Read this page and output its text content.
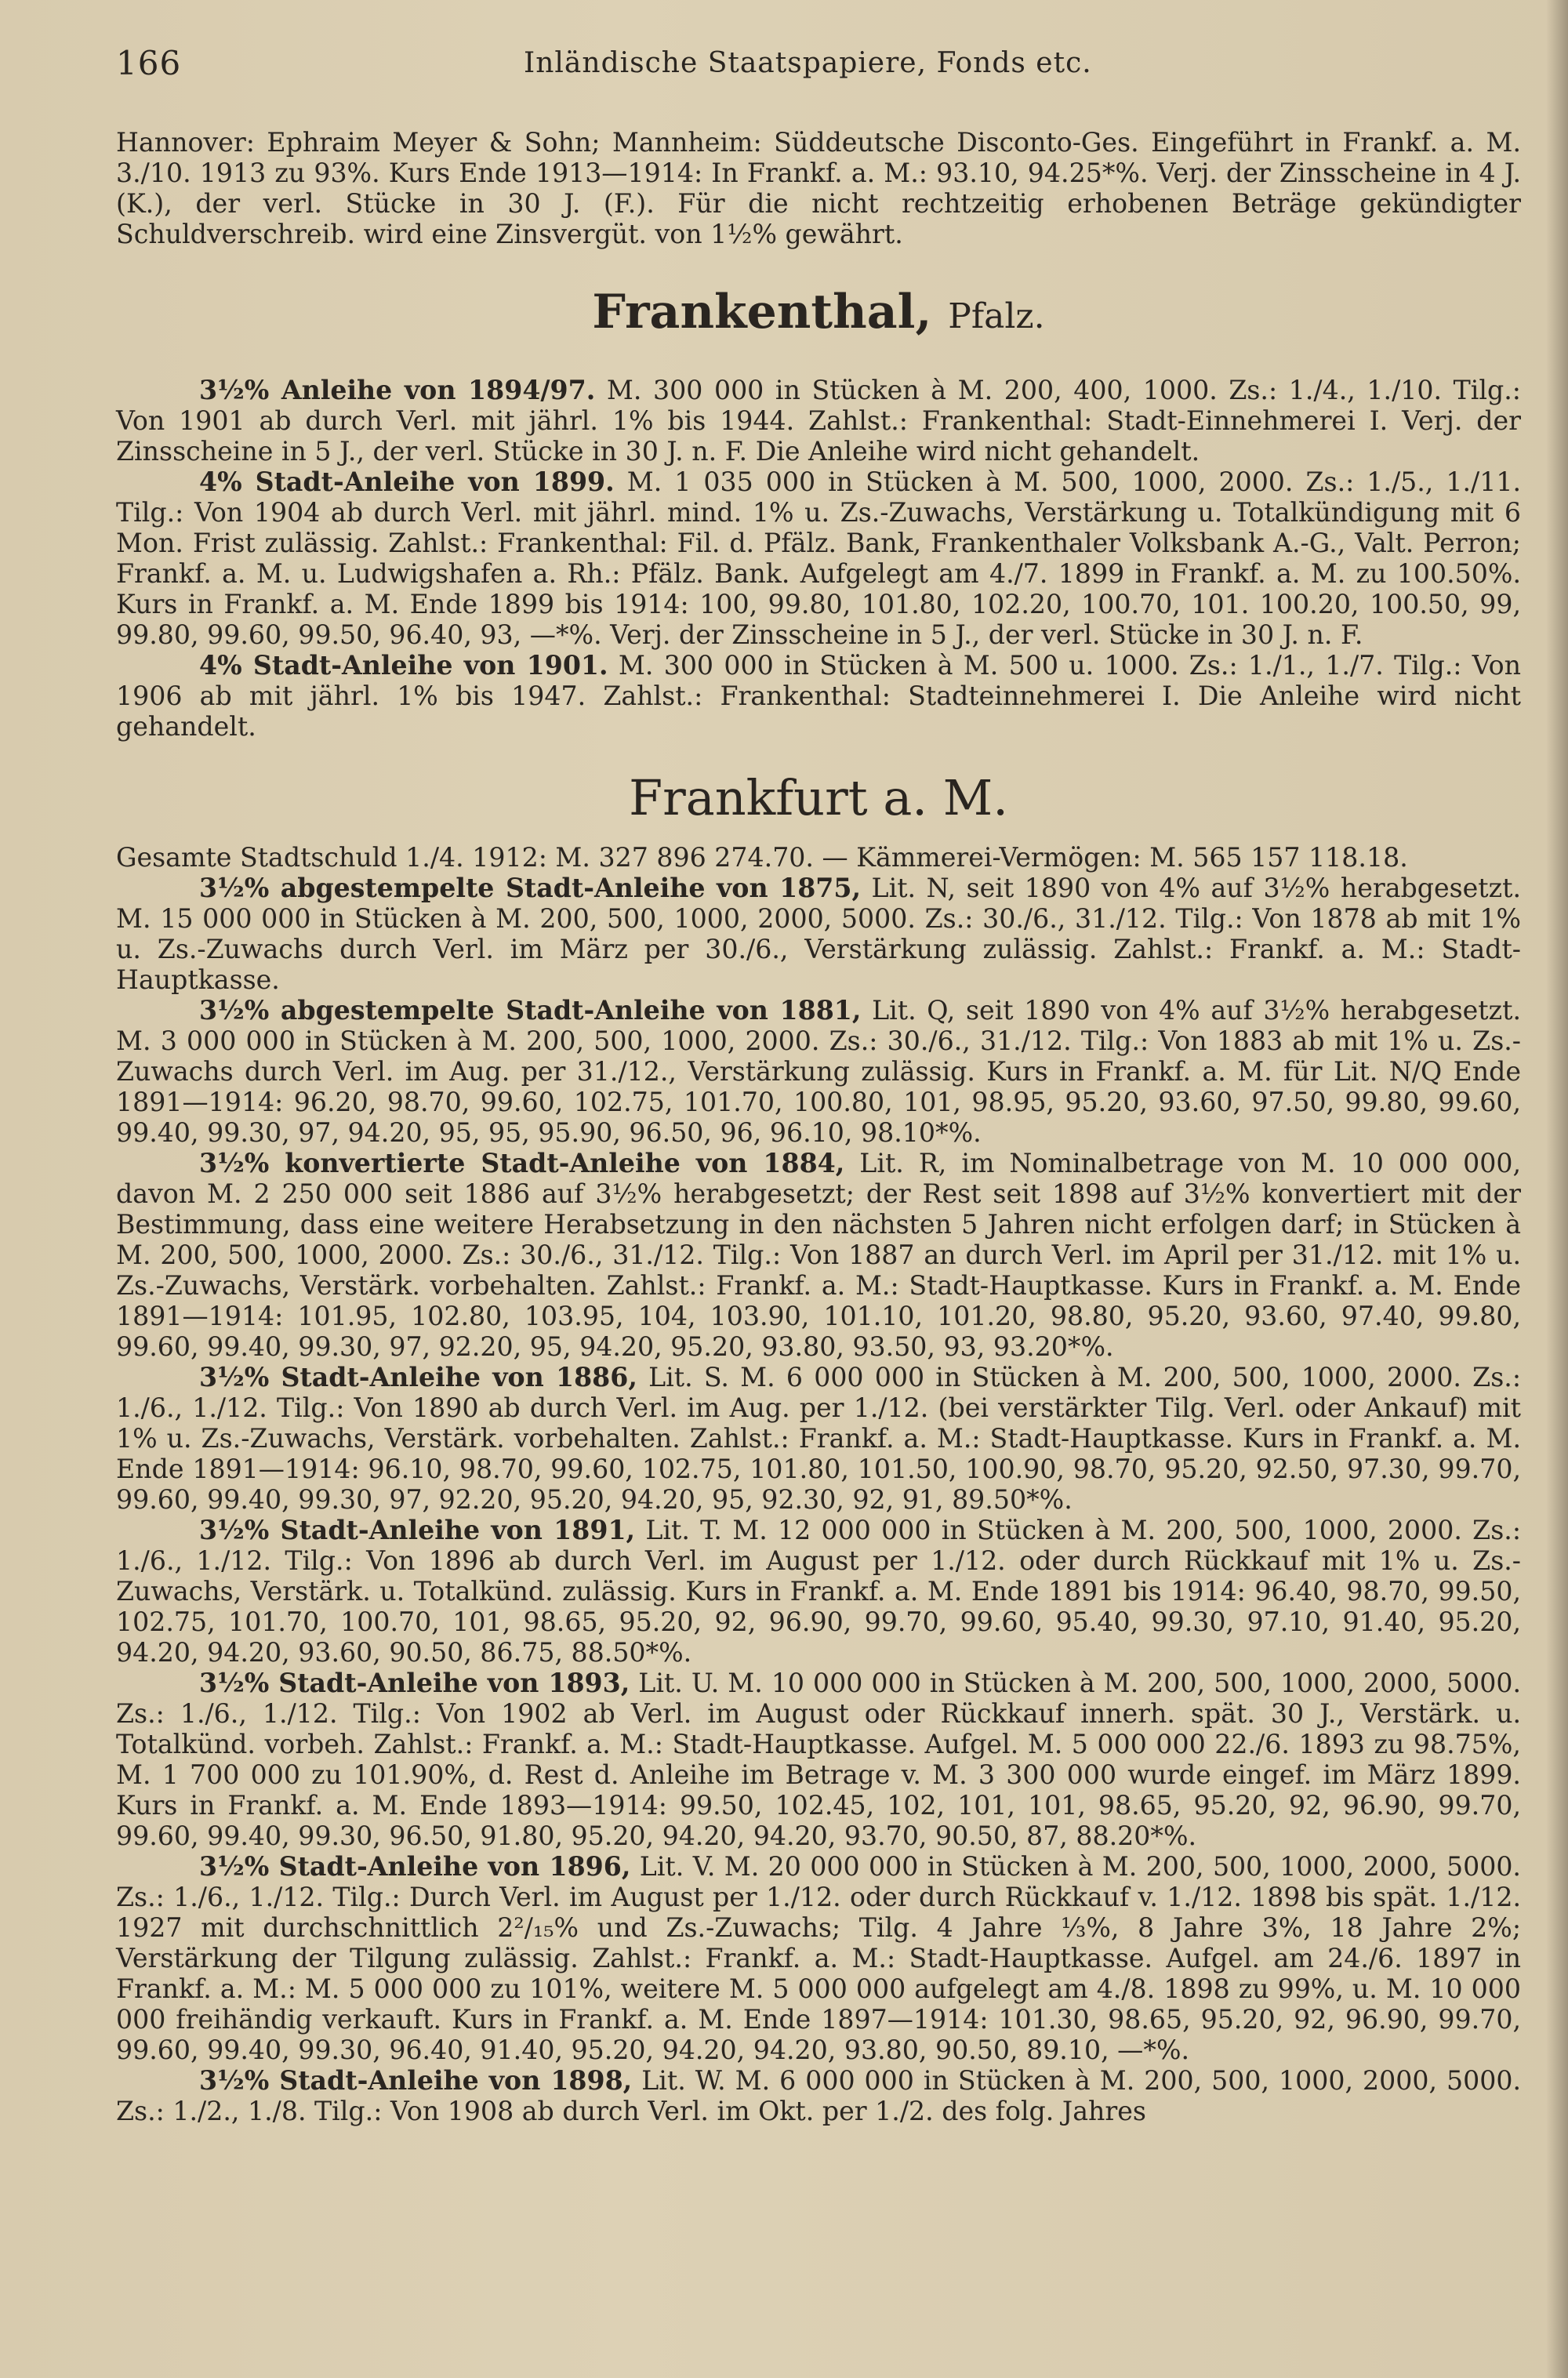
166	Inländische Staatspapiere, Fonds etc.

Hannover: Ephraim Meyer & Sohn; Mannheim: Süddeutsche Disconto-Ges. Eingeführt in Frankf. a. M. 3./10. 1913 zu 93%. Kurs Ende 1913—1914: In Frankf. a. M.: 93.10, 94.25*%. Verj. der Zinsscheine in 4 J. (K.), der verl. Stücke in 30 J. (F.). Für die nicht rechtzeitig erhobenen Beträge gekündigter Schuldverschreib. wird eine Zinsvergüt. von 1½% gewährt.

Frankenthal, Pfalz.

3½% Anleihe von 1894/97. M. 300 000 in Stücken à M. 200, 400, 1000. Zs.: 1./4., 1./10. Tilg.: Von 1901 ab durch Verl. mit jährl. 1% bis 1944. Zahlst.: Frankenthal: Stadt-Einnehmerei I. Verj. der Zinsscheine in 5 J., der verl. Stücke in 30 J. n. F. Die Anleihe wird nicht gehandelt.

4% Stadt-Anleihe von 1899. M. 1 035 000 in Stücken à M. 500, 1000, 2000. Zs.: 1./5., 1./11. Tilg.: Von 1904 ab durch Verl. mit jährl. mind. 1% u. Zs.-Zuwachs, Verstärkung u. Totalkündigung mit 6 Mon. Frist zulässig. Zahlst.: Frankenthal: Fil. d. Pfälz. Bank, Frankenthaler Volksbank A.-G., Valt. Perron; Frankf. a. M. u. Ludwigshafen a. Rh.: Pfälz. Bank. Aufgelegt am 4./7. 1899 in Frankf. a. M. zu 100.50%. Kurs in Frankf. a. M. Ende 1899 bis 1914: 100, 99.80, 101.80, 102.20, 100.70, 101. 100.20, 100.50, 99, 99.80, 99.60, 99.50, 96.40, 93, —*%. Verj. der Zinsscheine in 5 J., der verl. Stücke in 30 J. n. F.

4% Stadt-Anleihe von 1901. M. 300 000 in Stücken à M. 500 u. 1000. Zs.: 1./1., 1./7. Tilg.: Von 1906 ab mit jährl. 1% bis 1947. Zahlst.: Frankenthal: Stadteinnehmerei I. Die Anleihe wird nicht gehandelt.

Frankfurt a. M.

Gesamte Stadtschuld 1./4. 1912: M. 327 896 274.70. — Kämmerei-Vermögen: M. 565 157 118.18.

3½% abgestempelte Stadt-Anleihe von 1875, Lit. N, seit 1890 von 4% auf 3½% herabgesetzt. M. 15 000 000 in Stücken à M. 200, 500, 1000, 2000, 5000. Zs.: 30./6., 31./12. Tilg.: Von 1878 ab mit 1% u. Zs.-Zuwachs durch Verl. im März per 30./6., Verstärkung zulässig. Zahlst.: Frankf. a. M.: Stadt-Hauptkasse.

3½% abgestempelte Stadt-Anleihe von 1881, Lit. Q, seit 1890 von 4% auf 3½% herabgesetzt. M. 3 000 000 in Stücken à M. 200, 500, 1000, 2000. Zs.: 30./6., 31./12. Tilg.: Von 1883 ab mit 1% u. Zs.-Zuwachs durch Verl. im Aug. per 31./12., Verstärkung zulässig. Kurs in Frankf. a. M. für Lit. N/Q Ende 1891—1914: 96.20, 98.70, 99.60, 102.75, 101.70, 100.80, 101, 98.95, 95.20, 93.60, 97.50, 99.80, 99.60, 99.40, 99.30, 97, 94.20, 95, 95, 95.90, 96.50, 96, 96.10, 98.10*%.

3½% konvertierte Stadt-Anleihe von 1884, Lit. R, im Nominalbetrage von M. 10 000 000, davon M. 2 250 000 seit 1886 auf 3½% herabgesetzt; der Rest seit 1898 auf 3½% konvertiert mit der Bestimmung, dass eine weitere Herabsetzung in den nächsten 5 Jahren nicht erfolgen darf; in Stücken à M. 200, 500, 1000, 2000. Zs.: 30./6., 31./12. Tilg.: Von 1887 an durch Verl. im April per 31./12. mit 1% u. Zs.-Zuwachs, Verstärk. vorbehalten. Zahlst.: Frankf. a. M.: Stadt-Hauptkasse. Kurs in Frankf. a. M. Ende 1891—1914: 101.95, 102.80, 103.95, 104, 103.90, 101.10, 101.20, 98.80, 95.20, 93.60, 97.40, 99.80, 99.60, 99.40, 99.30, 97, 92.20, 95, 94.20, 95.20, 93.80, 93.50, 93, 93.20*%.

3½% Stadt-Anleihe von 1886, Lit. S. M. 6 000 000 in Stücken à M. 200, 500, 1000, 2000. Zs.: 1./6., 1./12. Tilg.: Von 1890 ab durch Verl. im Aug. per 1./12. (bei verstärkter Tilg. Verl. oder Ankauf) mit 1% u. Zs.-Zuwachs, Verstärk. vorbehalten. Zahlst.: Frankf. a. M.: Stadt-Hauptkasse. Kurs in Frankf. a. M. Ende 1891—1914: 96.10, 98.70, 99.60, 102.75, 101.80, 101.50, 100.90, 98.70, 95.20, 92.50, 97.30, 99.70, 99.60, 99.40, 99.30, 97, 92.20, 95.20, 94.20, 95, 92.30, 92, 91, 89.50*%.

3½% Stadt-Anleihe von 1891, Lit. T. M. 12 000 000 in Stücken à M. 200, 500, 1000, 2000. Zs.: 1./6., 1./12. Tilg.: Von 1896 ab durch Verl. im August per 1./12. oder durch Rückkauf mit 1% u. Zs.-Zuwachs, Verstärk. u. Totalkünd. zulässig. Kurs in Frankf. a. M. Ende 1891 bis 1914: 96.40, 98.70, 99.50, 102.75, 101.70, 100.70, 101, 98.65, 95.20, 92, 96.90, 99.70, 99.60, 95.40, 99.30, 97.10, 91.40, 95.20, 94.20, 94.20, 93.60, 90.50, 86.75, 88.50*%.

3½% Stadt-Anleihe von 1893, Lit. U. M. 10 000 000 in Stücken à M. 200, 500, 1000, 2000, 5000. Zs.: 1./6., 1./12. Tilg.: Von 1902 ab Verl. im August oder Rückkauf innerh. spät. 30 J., Verstärk. u. Totalkünd. vorbeh. Zahlst.: Frankf. a. M.: Stadt-Hauptkasse. Aufgel. M. 5 000 000 22./6. 1893 zu 98.75%, M. 1 700 000 zu 101.90%, d. Rest d. Anleihe im Betrage v. M. 3 300 000 wurde eingef. im März 1899. Kurs in Frankf. a. M. Ende 1893—1914: 99.50, 102.45, 102, 101, 101, 98.65, 95.20, 92, 96.90, 99.70, 99.60, 99.40, 99.30, 96.50, 91.80, 95.20, 94.20, 94.20, 93.70, 90.50, 87, 88.20*%.

3½% Stadt-Anleihe von 1896, Lit. V. M. 20 000 000 in Stücken à M. 200, 500, 1000, 2000, 5000. Zs.: 1./6., 1./12. Tilg.: Durch Verl. im August per 1./12. oder durch Rückkauf v. 1./12. 1898 bis spät. 1./12. 1927 mit durchschnittlich 2²/₁₅% und Zs.-Zuwachs; Tilg. 4 Jahre ⅓%, 8 Jahre 3%, 18 Jahre 2%; Verstärkung der Tilgung zulässig. Zahlst.: Frankf. a. M.: Stadt-Hauptkasse. Aufgel. am 24./6. 1897 in Frankf. a. M.: M. 5 000 000 zu 101%, weitere M. 5 000 000 aufgelegt am 4./8. 1898 zu 99%, u. M. 10 000 000 freihändig verkauft. Kurs in Frankf. a. M. Ende 1897—1914: 101.30, 98.65, 95.20, 92, 96.90, 99.70, 99.60, 99.40, 99.30, 96.40, 91.40, 95.20, 94.20, 94.20, 93.80, 90.50, 89.10, —*%.

3½% Stadt-Anleihe von 1898, Lit. W. M. 6 000 000 in Stücken à M. 200, 500, 1000, 2000, 5000. Zs.: 1./2., 1./8. Tilg.: Von 1908 ab durch Verl. im Okt. per 1./2. des folg. Jahres
